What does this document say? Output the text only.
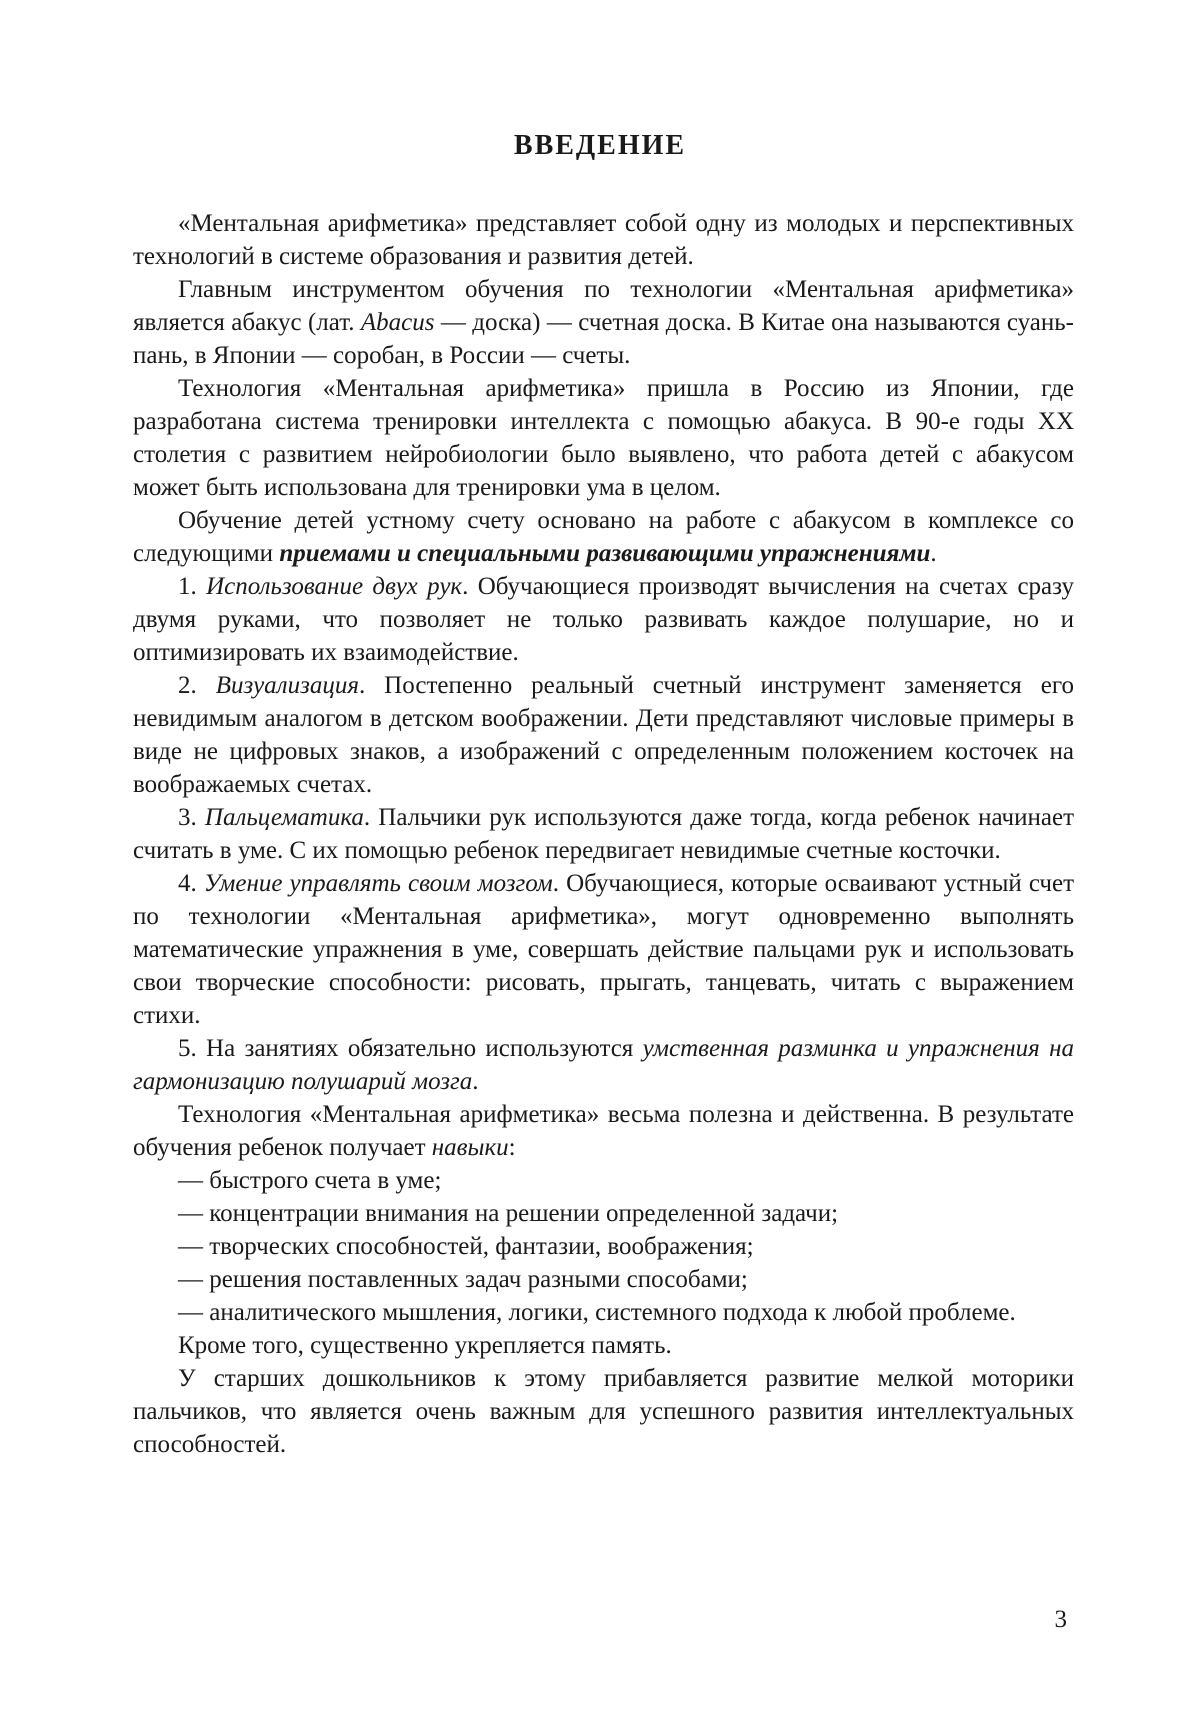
ВВЕДЕНИЕ

«Ментальная арифметика» представляет собой одну из молодых и перспективных технологий в системе образования и развития детей.

Главным инструментом обучения по технологии «Ментальная арифметика» является абакус (лат. Abacus — доска) — счетная доска. В Китае она называются суань-пань, в Японии — соробан, в России — счеты.

Технология «Ментальная арифметика» пришла в Россию из Японии, где разработана система тренировки интеллекта с помощью абакуса. В 90-е годы XX столетия с развитием нейробиологии было выявлено, что работа детей с абакусом может быть использована для тренировки ума в целом.

Обучение детей устному счету основано на работе с абакусом в комплексе со следующими приемами и специальными развивающими упражнениями.

1. Использование двух рук. Обучающиеся производят вычисления на счетах сразу двумя руками, что позволяет не только развивать каждое полушарие, но и оптимизировать их взаимодействие.

2. Визуализация. Постепенно реальный счетный инструмент заменяется его невидимым аналогом в детском воображении. Дети представляют числовые примеры в виде не цифровых знаков, а изображений с определенным положением косточек на воображаемых счетах.

3. Пальцематика. Пальчики рук используются даже тогда, когда ребенок начинает считать в уме. С их помощью ребенок передвигает невидимые счетные косточки.

4. Умение управлять своим мозгом. Обучающиеся, которые осваивают устный счет по технологии «Ментальная арифметика», могут одновременно выполнять математические упражнения в уме, совершать действие пальцами рук и использовать свои творческие способности: рисовать, прыгать, танцевать, читать с выражением стихи.

5. На занятиях обязательно используются умственная разминка и упражнения на гармонизацию полушарий мозга.

Технология «Ментальная арифметика» весьма полезна и действенна. В результате обучения ребенок получает навыки:

— быстрого счета в уме;

— концентрации внимания на решении определенной задачи;

— творческих способностей, фантазии, воображения;

— решения поставленных задач разными способами;

— аналитического мышления, логики, системного подхода к любой проблеме.

Кроме того, существенно укрепляется память.

У старших дошкольников к этому прибавляется развитие мелкой моторики пальчиков, что является очень важным для успешного развития интеллектуальных способностей.

3
